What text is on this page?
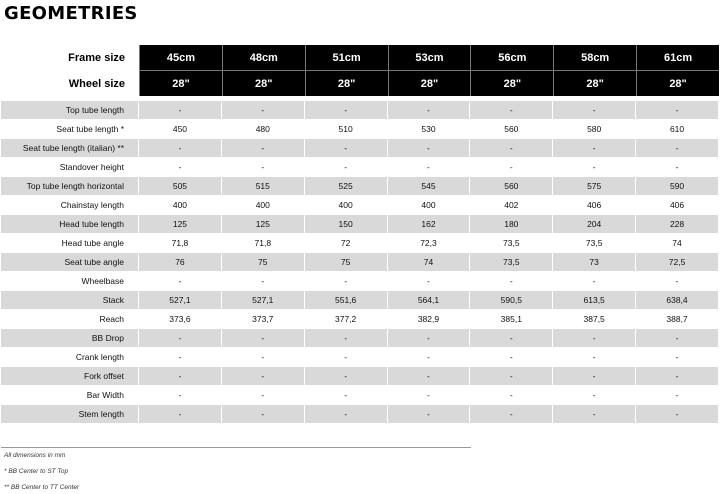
GEOMETRIES
Frame size	45cm	48cm	51cm	53cm	56cm	58cm	61cm
Wheel size	28"	28"	28"	28"	28"	28"	28"

Top tube length	-	-	-	-	-	-	-
Seat tube length *	450	480	510	530	560	580	610
Seat tube length (italian) **	-	-	-	-	-	-	-
Standover height	-	-	-	-	-	-	-
Top tube length horizontal	505	515	525	545	560	575	590
Chainstay length	400	400	400	400	402	406	406
Head tube length	125	125	150	162	180	204	228
Head tube angle	71,8	71,8	72	72,3	73,5	73,5	74
Seat tube angle	76	75	75	74	73,5	73	72,5
Wheelbase	-	-	-	-	-	-	-
Stack	527,1	527,1	551,6	564,1	590,5	613,5	638,4
Reach	373,6	373,7	377,2	382,9	385,1	387,5	388,7
BB Drop	-	-	-	-	-	-	-
Crank length	-	-	-	-	-	-	-
Fork offset	-	-	-	-	-	-	-
Bar Width	-	-	-	-	-	-	-
Stem length	-	-	-	-	-	-	-
All dimensions in mm
* BB Center to ST Top
** BB Center to TT Center
